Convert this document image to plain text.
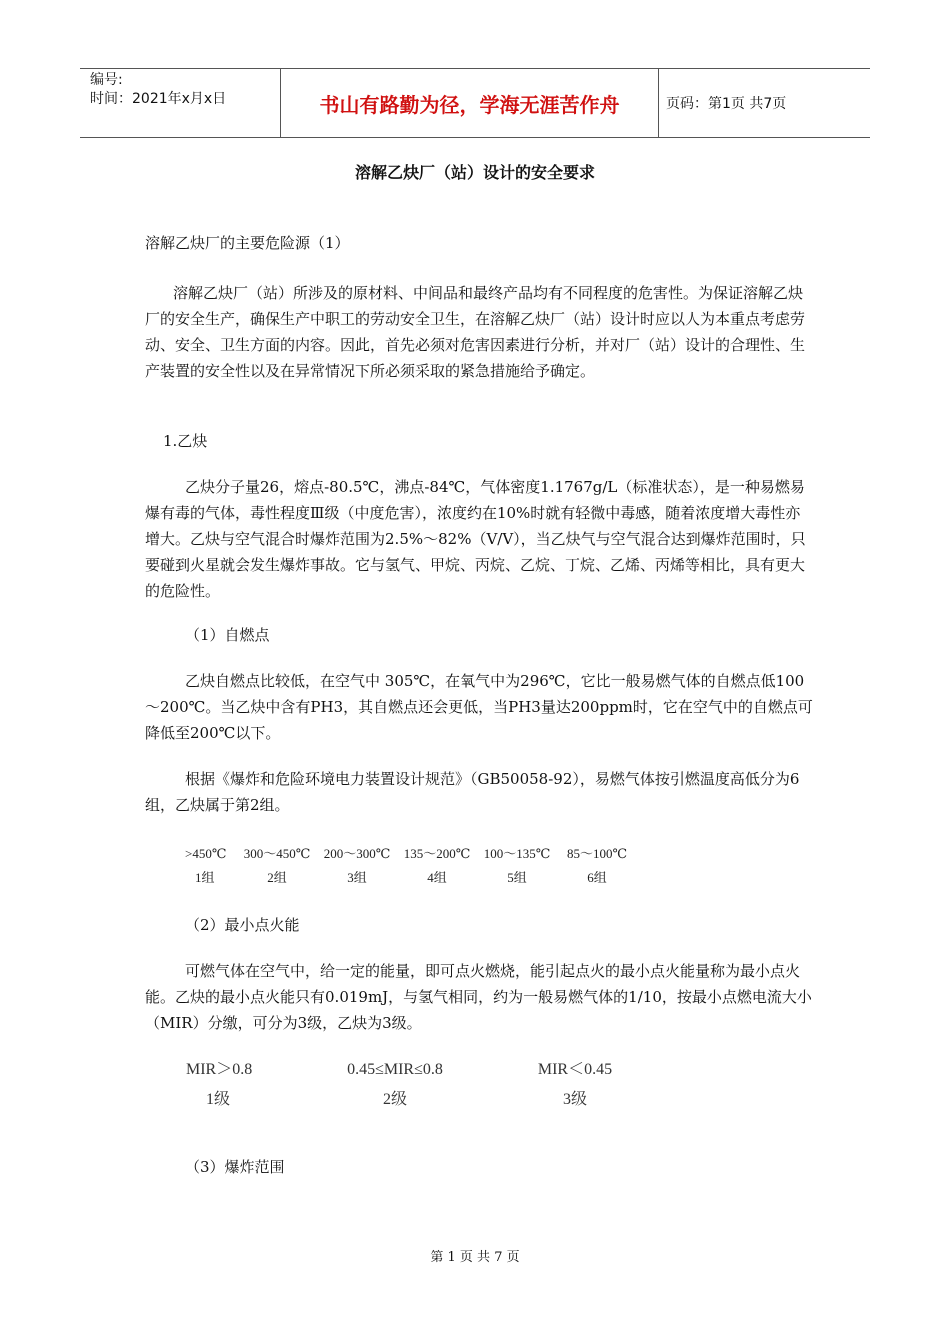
编号:
时间：2021年x月x日	书山有路勤为径，学海无涯苦作舟	页码：第1页 共7页
溶解乙炔厂（站）设计的安全要求
溶解乙炔厂的主要危险源（1）
溶解乙炔厂（站）所涉及的原材料、中间品和最终产品均有不同程度的危害性。为保证溶解乙炔厂的安全生产，确保生产中职工的劳动安全卫生，在溶解乙炔厂（站）设计时应以人为本重点考虑劳动、安全、卫生方面的内容。因此，首先必须对危害因素进行分析，并对厂（站）设计的合理性、生产装置的安全性以及在异常情况下所必须采取的紧急措施给予确定。
1.乙炔
乙炔分子量26，熔点-80.5℃，沸点-84℃，气体密度1.1767g/L（标准状态），是一种易燃易爆有毒的气体，毒性程度Ⅲ级（中度危害），浓度约在10%时就有轻微中毒感，随着浓度增大毒性亦增大。乙炔与空气混合时爆炸范围为2.5%～82%（V/V），当乙炔气与空气混合达到爆炸范围时，只要碰到火星就会发生爆炸事故。它与氢气、甲烷、丙烷、乙烷、丁烷、乙烯、丙烯等相比，具有更大的危险性。
（1）自燃点
乙炔自燃点比较低，在空气中 305℃，在氧气中为296℃，它比一般易燃气体的自燃点低100～200℃。当乙炔中含有PH3，其自燃点还会更低，当PH3量达200ppm时，它在空气中的自燃点可降低至200℃以下。
根据《爆炸和危险环境电力装置设计规范》（GB50058-92），易燃气体按引燃温度高低分为6组，乙炔属于第2组。
>450℃	300～450℃	200～300℃	135～200℃	100～135℃	85～100℃
1组	2组	3组	4组	5组	6组
（2）最小点火能
可燃气体在空气中，给一定的能量，即可点火燃烧，能引起点火的最小点火能量称为最小点火能。乙炔的最小点火能只有0.019mJ，与氢气相同，约为一般易燃气体的1/10，按最小点燃电流大小（MIR）分缴，可分为3级，乙炔为3级。
MIR＞0.8	0.45≤MIR≤0.8	MIR＜0.45
1级	2级	3级
（3）爆炸范围
第 1 页 共 7 页
